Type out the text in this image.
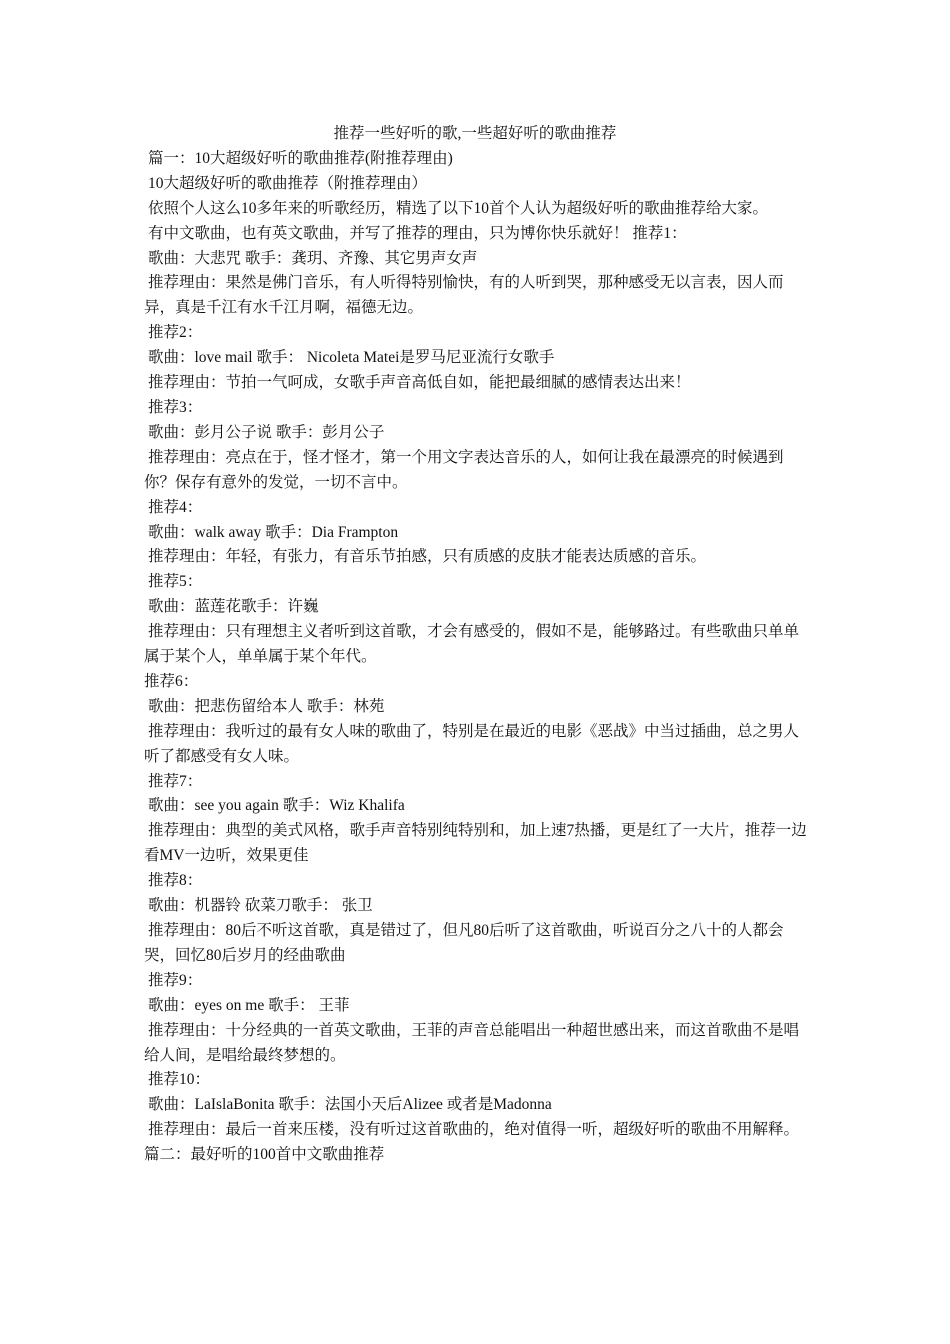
推荐一些好听的歌,一些超好听的歌曲推荐

篇一：10大超级好听的歌曲推荐(附推荐理由)

10大超级好听的歌曲推荐（附推荐理由）

依照个人这么10多年来的听歌经历，精选了以下10首个人认为超级好听的歌曲推荐给大家。

有中文歌曲，也有英文歌曲，并写了推荐的理由，只为博你快乐就好！ 推荐1：

歌曲：大悲咒 歌手：龚玥、齐豫、其它男声女声

推荐理由：果然是佛门音乐，有人听得特别愉快，有的人听到哭，那种感受无以言表，因人而异，真是千江有水千江月啊，福德无边。

推荐2：

歌曲：love mail 歌手： Nicoleta Matei是罗马尼亚流行女歌手

推荐理由：节拍一气呵成，女歌手声音高低自如，能把最细腻的感情表达出来！

推荐3：

歌曲：彭月公子说 歌手：彭月公子

推荐理由：亮点在于，怪才怪才，第一个用文字表达音乐的人，如何让我在最漂亮的时候遇到你？保存有意外的发觉，一切不言中。

推荐4：

歌曲：walk away 歌手：Dia Frampton

推荐理由：年轻，有张力，有音乐节拍感，只有质感的皮肤才能表达质感的音乐。

推荐5：

歌曲：蓝莲花歌手：许巍

推荐理由：只有理想主义者听到这首歌，才会有感受的，假如不是，能够路过。有些歌曲只单单属于某个人，单单属于某个年代。

推荐6：

歌曲：把悲伤留给本人 歌手：林苑

推荐理由：我听过的最有女人味的歌曲了，特别是在最近的电影《恶战》中当过插曲，总之男人听了都感受有女人味。

推荐7：

歌曲：see you again 歌手：Wiz Khalifa

推荐理由：典型的美式风格，歌手声音特别纯特别和，加上速7热播，更是红了一大片，推荐一边看MV一边听，效果更佳

推荐8：

歌曲：机器铃 砍菜刀歌手： 张卫

推荐理由：80后不听这首歌，真是错过了，但凡80后听了这首歌曲，听说百分之八十的人都会哭，回忆80后岁月的经曲歌曲

推荐9：

歌曲：eyes on me 歌手： 王菲

推荐理由：十分经典的一首英文歌曲，王菲的声音总能唱出一种超世感出来，而这首歌曲不是唱给人间，是唱给最终梦想的。

推荐10：

歌曲：LaIslaBonita 歌手：法国小天后Alizee 或者是Madonna

推荐理由：最后一首来压楼，没有听过这首歌曲的，绝对值得一听，超级好听的歌曲不用解释。

篇二：最好听的100首中文歌曲推荐
